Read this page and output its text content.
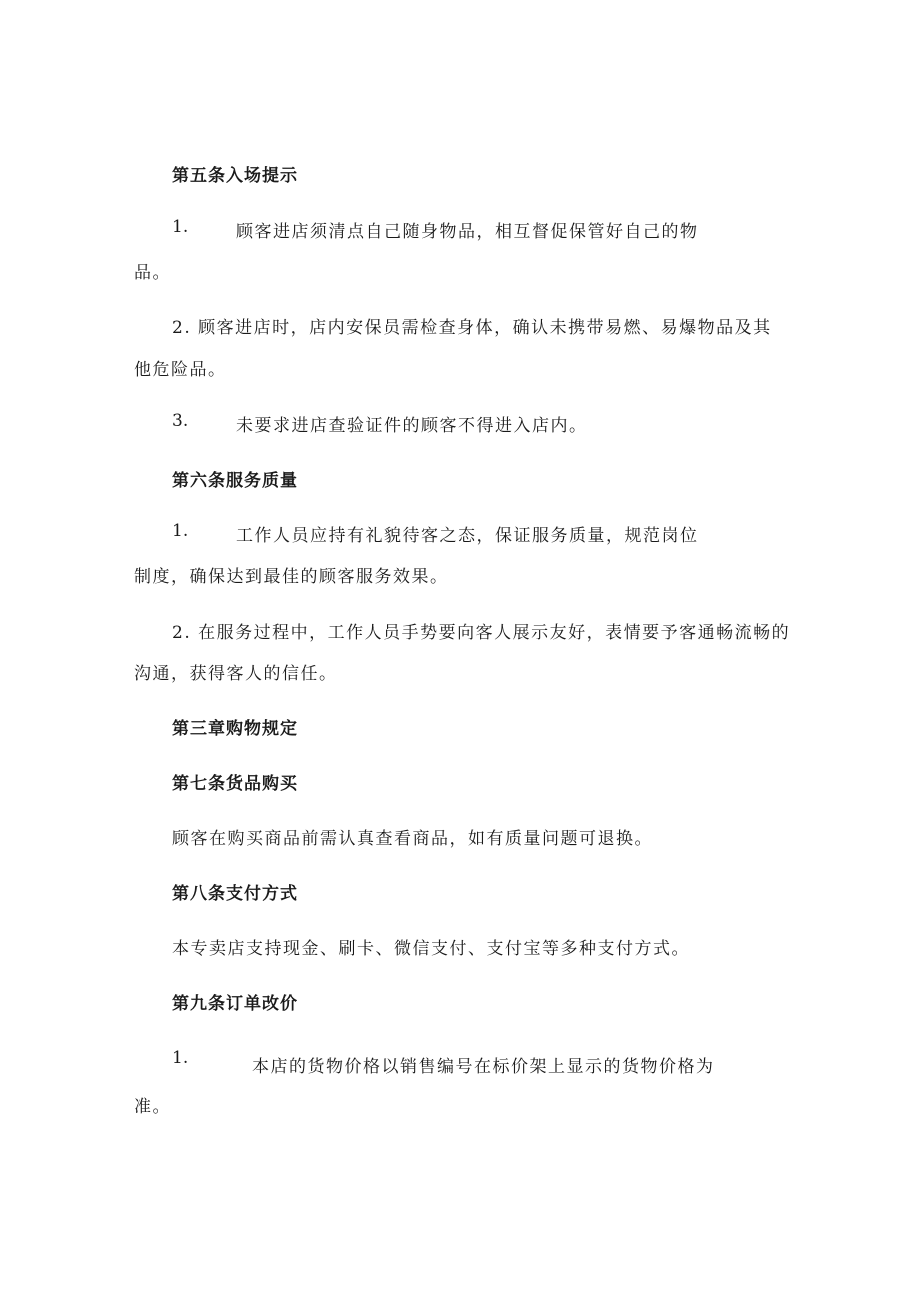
第五条入场提示
1.	顾客进店须清点自己随身物品，相互督促保管好自己的物
品。
2. 顾客进店时，店内安保员需检查身体，确认未携带易燃、易爆物品及其
他危险品。
3.	未要求进店查验证件的顾客不得进入店内。
第六条服务质量
1.	工作人员应持有礼貌待客之态，保证服务质量，规范岗位
制度，确保达到最佳的顾客服务效果。
2. 在服务过程中，工作人员手势要向客人展示友好，表情要予客通畅流畅的
沟通，获得客人的信任。
第三章购物规定
第七条货品购买
顾客在购买商品前需认真查看商品，如有质量问题可退换。
第八条支付方式
本专卖店支持现金、刷卡、微信支付、支付宝等多种支付方式。
第九条订单改价
1.	本店的货物价格以销售编号在标价架上显示的货物价格为
准。
